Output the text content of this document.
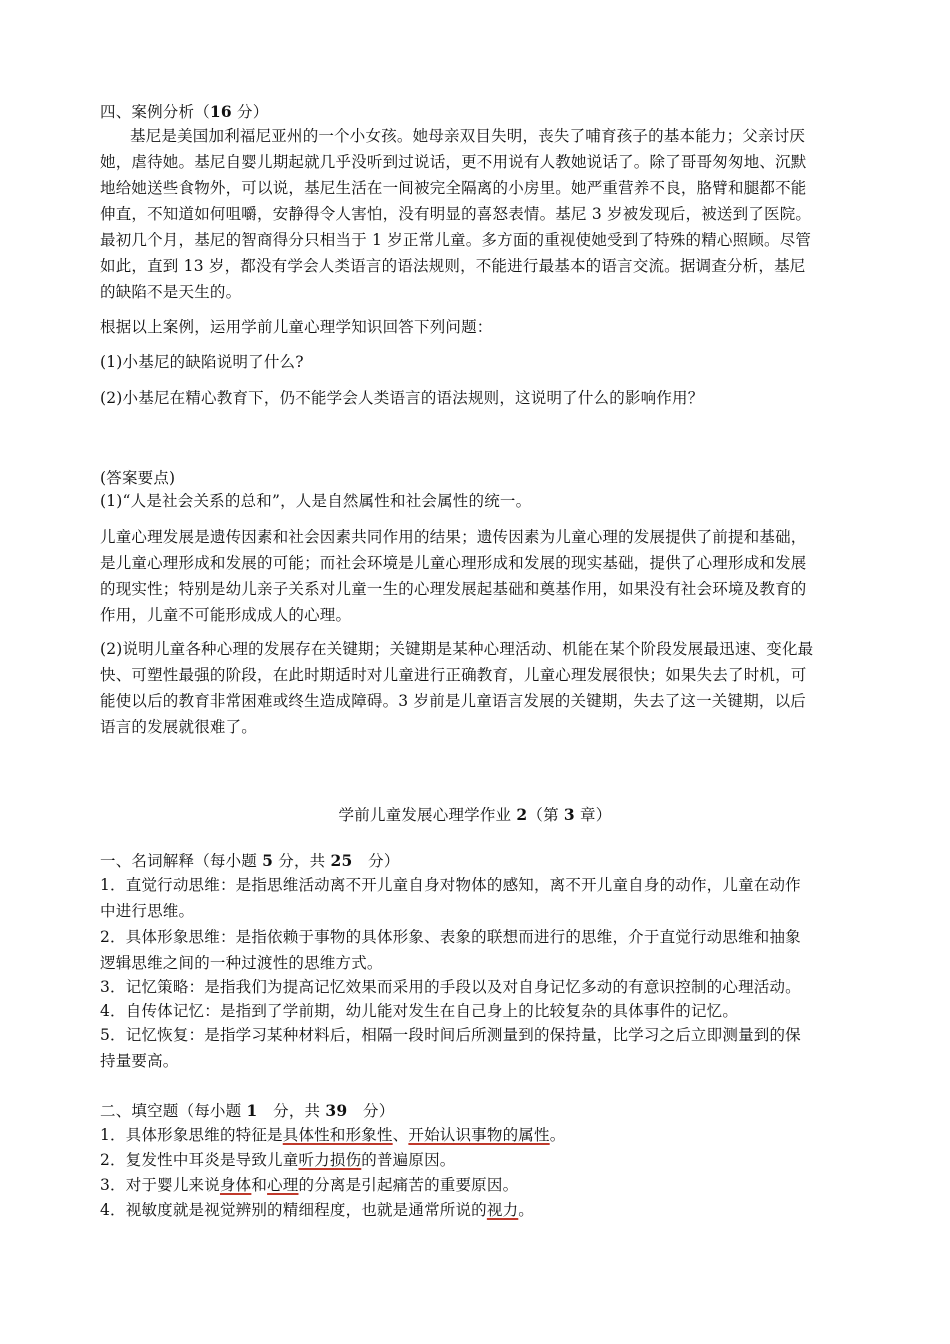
四、案例分析（16 分）
基尼是美国加利福尼亚州的一个小女孩。她母亲双目失明，丧失了哺育孩子的基本能力；父亲讨厌
她，虐待她。基尼自婴儿期起就几乎没听到过说话，更不用说有人教她说话了。除了哥哥匆匆地、沉默
地给她送些食物外，可以说，基尼生活在一间被完全隔离的小房里。她严重营养不良，胳臂和腿都不能
伸直，不知道如何咀嚼，安静得令人害怕，没有明显的喜怒表情。基尼 3 岁被发现后，被送到了医院。
最初几个月，基尼的智商得分只相当于 1 岁正常儿童。多方面的重视使她受到了特殊的精心照顾。尽管
如此，直到 13 岁，都没有学会人类语言的语法规则，不能进行最基本的语言交流。据调查分析，基尼
的缺陷不是天生的。
根据以上案例，运用学前儿童心理学知识回答下列问题：
(1)小基尼的缺陷说明了什么?
(2)小基尼在精心教育下，仍不能学会人类语言的语法规则，这说明了什么的影响作用？
(答案要点)
(1)“人是社会关系的总和”，人是自然属性和社会属性的统一。
儿童心理发展是遗传因素和社会因素共同作用的结果；遗传因素为儿童心理的发展提供了前提和基础，
是儿童心理形成和发展的可能；而社会环境是儿童心理形成和发展的现实基础，提供了心理形成和发展
的现实性；特别是幼儿亲子关系对儿童一生的心理发展起基础和奠基作用，如果没有社会环境及教育的
作用，儿童不可能形成成人的心理。
(2)说明儿童各种心理的发展存在关键期；关键期是某种心理活动、机能在某个阶段发展最迅速、变化最
快、可塑性最强的阶段，在此时期适时对儿童进行正确教育，儿童心理发展很快；如果失去了时机，可
能使以后的教育非常困难或终生造成障碍。3 岁前是儿童语言发展的关键期，失去了这一关键期，以后
语言的发展就很难了。
学前儿童发展心理学作业 2（第 3 章）
一、名词解释（每小题 5 分，共 25　分）
1．直觉行动思维：是指思维活动离不开儿童自身对物体的感知，离不开儿童自身的动作，儿童在动作
中进行思维。
2．具体形象思维：是指依赖于事物的具体形象、表象的联想而进行的思维，介于直觉行动思维和抽象
逻辑思维之间的一种过渡性的思维方式。
3．记忆策略：是指我们为提高记忆效果而采用的手段以及对自身记忆多动的有意识控制的心理活动。
4．自传体记忆：是指到了学前期，幼儿能对发生在自己身上的比较复杂的具体事件的记忆。
5．记忆恢复：是指学习某种材料后，相隔一段时间后所测量到的保持量，比学习之后立即测量到的保
持量要高。
二、填空题（每小题 1　分，共 39　分）
1．具体形象思维的特征是具体性和形象性、开始认识事物的属性。
2．复发性中耳炎是导致儿童听力损伤的普遍原因。
3．对于婴儿来说身体和心理的分离是引起痛苦的重要原因。
4．视敏度就是视觉辨别的精细程度，也就是通常所说的视力。
